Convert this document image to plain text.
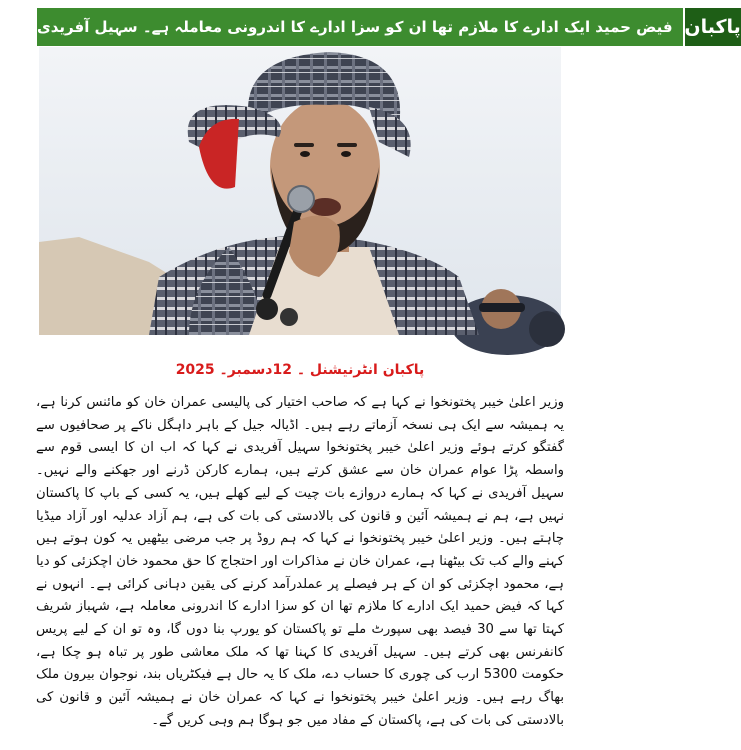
فیض حمید ایک ادارے کا ملازم تھا ان کو سزا ادارے کا اندرونی معاملہ ہے۔ سہیل آفریدی پاکبان
پاکبان انٹرنیشنل ۔ 12دسمبر۔ 2025
وزیر اعلیٰ خیبر پختونخوا نے کہا ہے کہ صاحب اختیار کی پالیسی عمران خان کو مائنس کرنا ہے، یہ ہمیشہ سے ایک ہی نسخہ آزماتے رہے ہیں۔ اڈیالہ جیل کے باہر داہگل ناکے پر صحافیوں سے گفتگو کرتے ہوئے وزیر اعلیٰ خیبر پختونخوا سہیل آفریدی نے کہا کہ اب ان کا ایسی قوم سے واسطہ پڑا عوام عمران خان سے عشق کرتے ہیں، ہمارے کارکن ڈرنے اور جھکنے والے نہیں۔ سہیل آفریدی نے کہا کہ ہمارے دروازے بات چیت کے لیے کھلے ہیں، یہ کسی کے باپ کا پاکستان نہیں ہے، ہم نے ہمیشہ آئین و قانون کی بالادستی کی بات کی ہے، ہم آزاد عدلیہ اور آزاد میڈیا چاہتے ہیں۔ وزیر اعلیٰ خیبر پختونخوا نے کہا کہ ہم روڈ پر جب مرضی بیٹھیں یہ کون ہوتے ہیں کہنے والے کب تک بیٹھنا ہے، عمران خان نے مذاکرات اور احتجاج کا حق محمود خان اچکزئی کو دیا ہے، محمود اچکزئی کو ان کے ہر فیصلے پر عملدرآمد کرنے کی یقین دہانی کرائی ہے۔ انہوں نے کہا کہ فیض حمید ایک ادارے کا ملازم تھا ان کو سزا ادارے کا اندرونی معاملہ ہے، شہباز شریف کہتا تھا سے 30 فیصد بھی سپورٹ ملے تو پاکستان کو یورپ بنا دوں گا، وہ تو ان کے لیے پریس کانفرنس بھی کرتے ہیں۔ سہیل آفریدی کا کہنا تھا کہ ملک معاشی طور پر تباہ ہو چکا ہے، حکومت 5300 ارب کی چوری کا حساب دے، ملک کا یہ حال ہے فیکٹریاں بند، نوجوان بیرون ملک بھاگ رہے ہیں۔ وزیر اعلیٰ خیبر پختونخوا نے کہا کہ عمران خان نے ہمیشہ آئین و قانون کی بالادستی کی بات کی ہے، پاکستان کے مفاد میں جو ہوگا ہم وہی کریں گے۔
